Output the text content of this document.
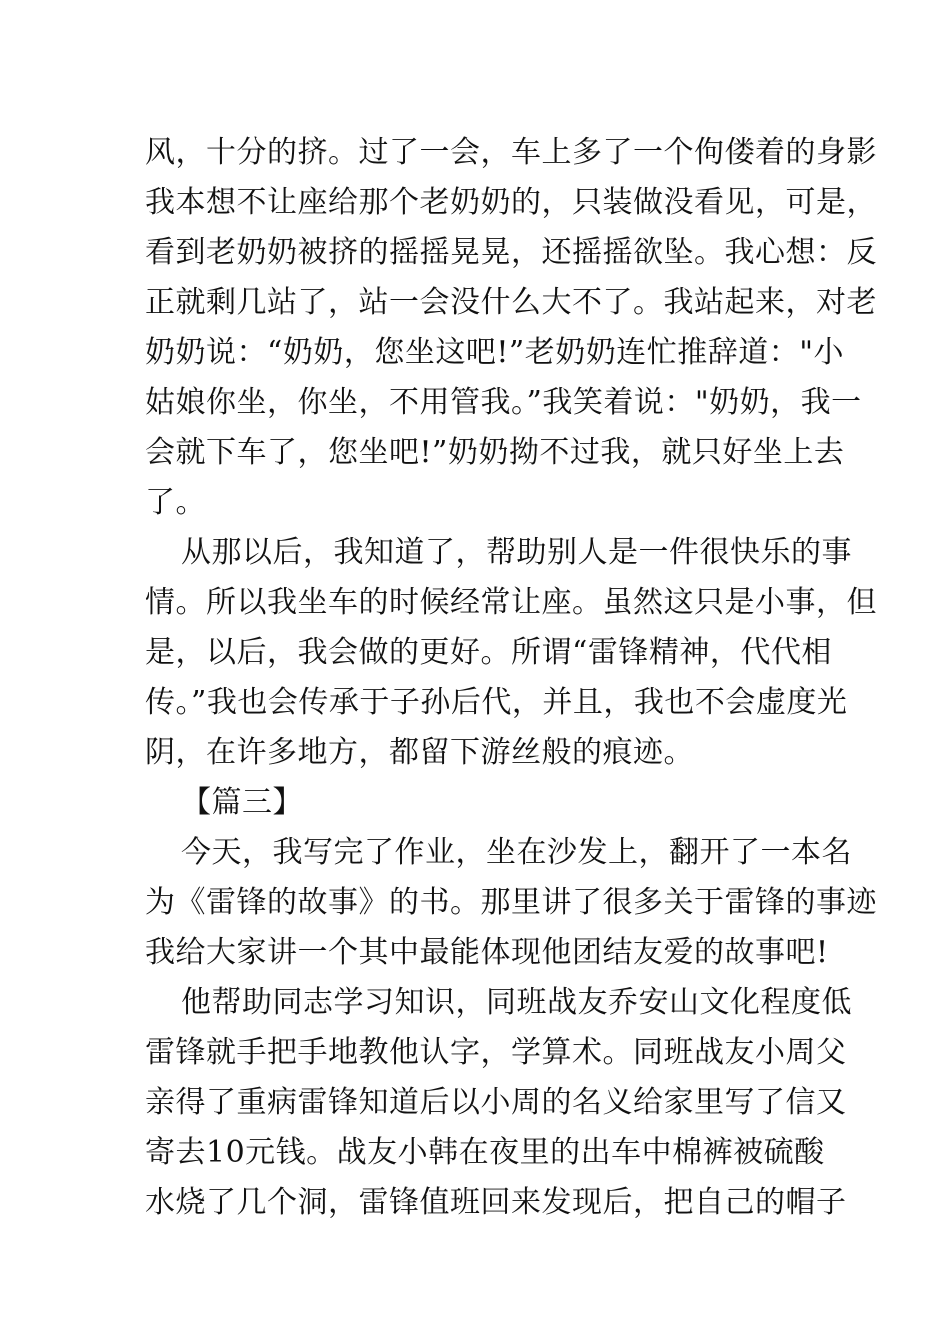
风，十分的挤。过了一会，车上多了一个佝偻着的身影
我本想不让座给那个老奶奶的，只装做没看见，可是，
看到老奶奶被挤的摇摇晃晃，还摇摇欲坠。我心想：反
正就剩几站了，站一会没什么大不了。我站起来，对老
奶奶说：“奶奶，您坐这吧!”老奶奶连忙推辞道："小
姑娘你坐，你坐，不用管我。”我笑着说："奶奶，我一
会就下车了，您坐吧!”奶奶拗不过我，就只好坐上去
了。
从那以后，我知道了，帮助别人是一件很快乐的事
情。所以我坐车的时候经常让座。虽然这只是小事，但
是，以后，我会做的更好。所谓“雷锋精神，代代相
传。”我也会传承于子孙后代，并且，我也不会虚度光
阴，在许多地方，都留下游丝般的痕迹。
【篇三】
今天，我写完了作业，坐在沙发上，翻开了一本名
为《雷锋的故事》的书。那里讲了很多关于雷锋的事迹
我给大家讲一个其中最能体现他团结友爱的故事吧!
他帮助同志学习知识，同班战友乔安山文化程度低
雷锋就手把手地教他认字，学算术。同班战友小周父
亲得了重病雷锋知道后以小周的名义给家里写了信又
寄去10元钱。战友小韩在夜里的出车中棉裤被硫酸
水烧了几个洞，雷锋值班回来发现后，把自己的帽子
